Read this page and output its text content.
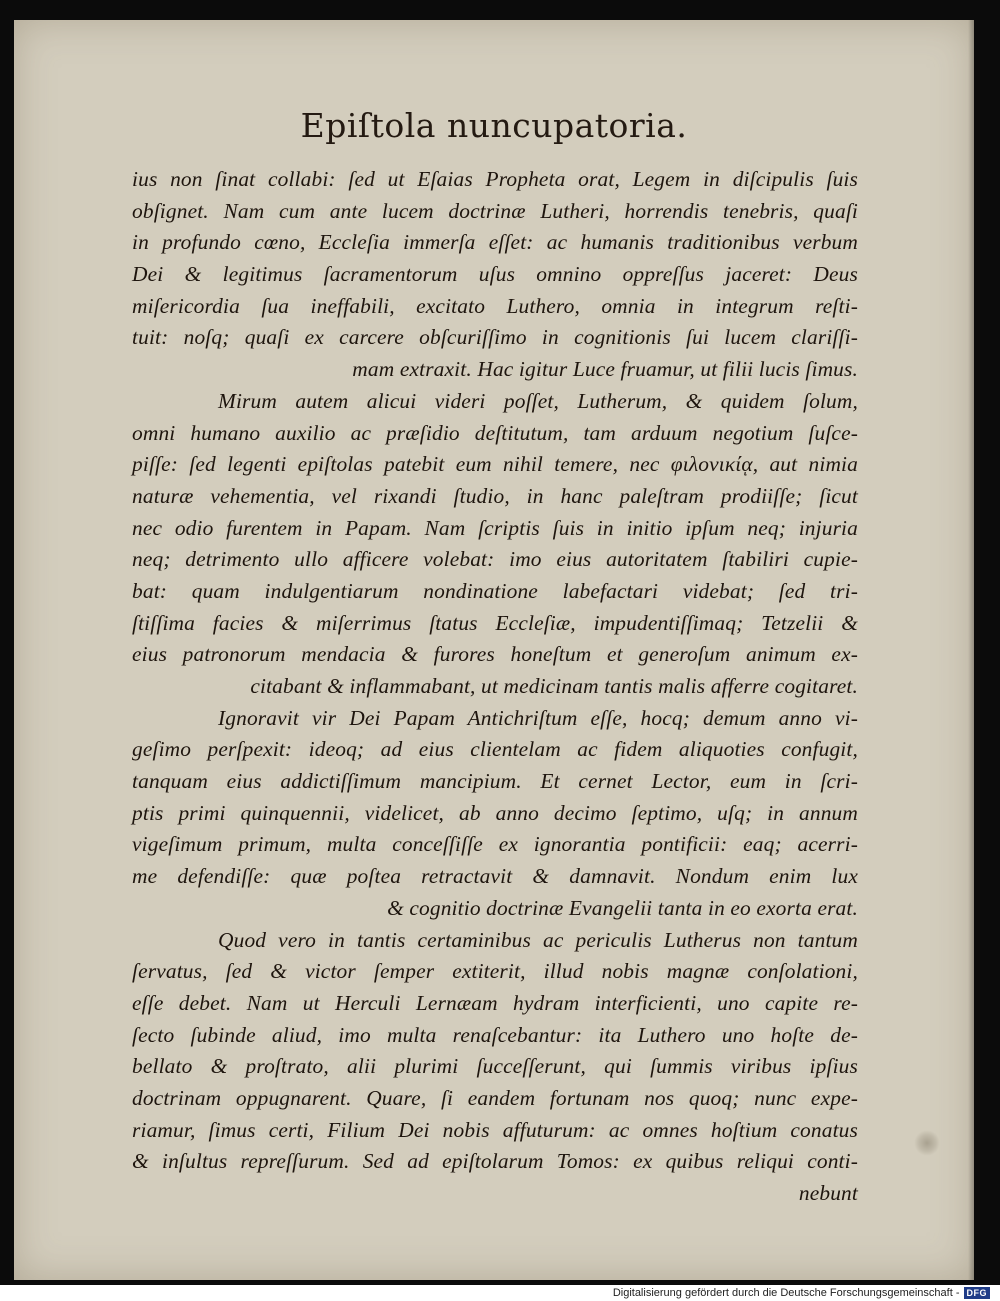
Epiſtola nuncupatoria.
ius non ſinat collabi: ſed ut Eſaias Propheta orat, Legem in diſcipulis ſuis
obſignet. Nam cum ante lucem doctrinæ Lutheri, horrendis tenebris, quaſi
in profundo cœno, Eccleſia immerſa eſſet: ac humanis traditionibus verbum
Dei & legitimus ſacramentorum uſus omnino oppreſſus jaceret: Deus
miſericordia ſua ineffabili, excitato Luthero, omnia in integrum reſti-
tuit: noſq; quaſi ex carcere obſcuriſſimo in cognitionis ſui lucem clariſſi-
mam extraxit. Hac igitur Luce fruamur, ut filii lucis ſimus.
Mirum autem alicui videri poſſet, Lutherum, & quidem ſolum,
omni humano auxilio ac præſidio deſtitutum, tam arduum negotium ſuſce-
piſſe: ſed legenti epiſtolas patebit eum nihil temere, nec φιλονικίᾳ, aut nimia
naturæ vehementia, vel rixandi ſtudio, in hanc paleſtram prodiiſſe; ſicut
nec odio furentem in Papam. Nam ſcriptis ſuis in initio ipſum neq; injuria
neq; detrimento ullo afficere volebat: imo eius autoritatem ſtabiliri cupie-
bat: quam indulgentiarum nondinatione labefactari videbat; ſed tri-
ſtiſſima facies & miſerrimus ſtatus Eccleſiæ, impudentiſſimaq; Tetzelii &
eius patronorum mendacia & furores honeſtum et generoſum animum ex-
citabant & inflammabant, ut medicinam tantis malis afferre cogitaret.
Ignoravit vir Dei Papam Antichriſtum eſſe, hocq; demum anno vi-
geſimo perſpexit: ideoq; ad eius clientelam ac fidem aliquoties confugit,
tanquam eius addictiſſimum mancipium. Et cernet Lector, eum in ſcri-
ptis primi quinquennii, videlicet, ab anno decimo ſeptimo, uſq; in annum
vigeſimum primum, multa conceſſiſſe ex ignorantia pontificii: eaq; acerri-
me defendiſſe: quæ poſtea retractavit & damnavit. Nondum enim lux
& cognitio doctrinæ Evangelii tanta in eo exorta erat.
Quod vero in tantis certaminibus ac periculis Lutherus non tantum
ſervatus, ſed & victor ſemper extiterit, illud nobis magnæ conſolationi,
eſſe debet. Nam ut Herculi Lernæam hydram interficienti, uno capite re-
ſecto ſubinde aliud, imo multa renaſcebantur: ita Luthero uno hoſte de-
bellato & proſtrato, alii plurimi ſucceſſerunt, qui ſummis viribus ipſius
doctrinam oppugnarent. Quare, ſi eandem fortunam nos quoq; nunc expe-
riamur, ſimus certi, Filium Dei nobis affuturum: ac omnes hoſtium conatus
& inſultus repreſſurum. Sed ad epiſtolarum Tomos: ex quibus reliqui conti-
nebunt
Digitalisierung gefördert durch die Deutsche Forschungsgemeinschaft - DFG
